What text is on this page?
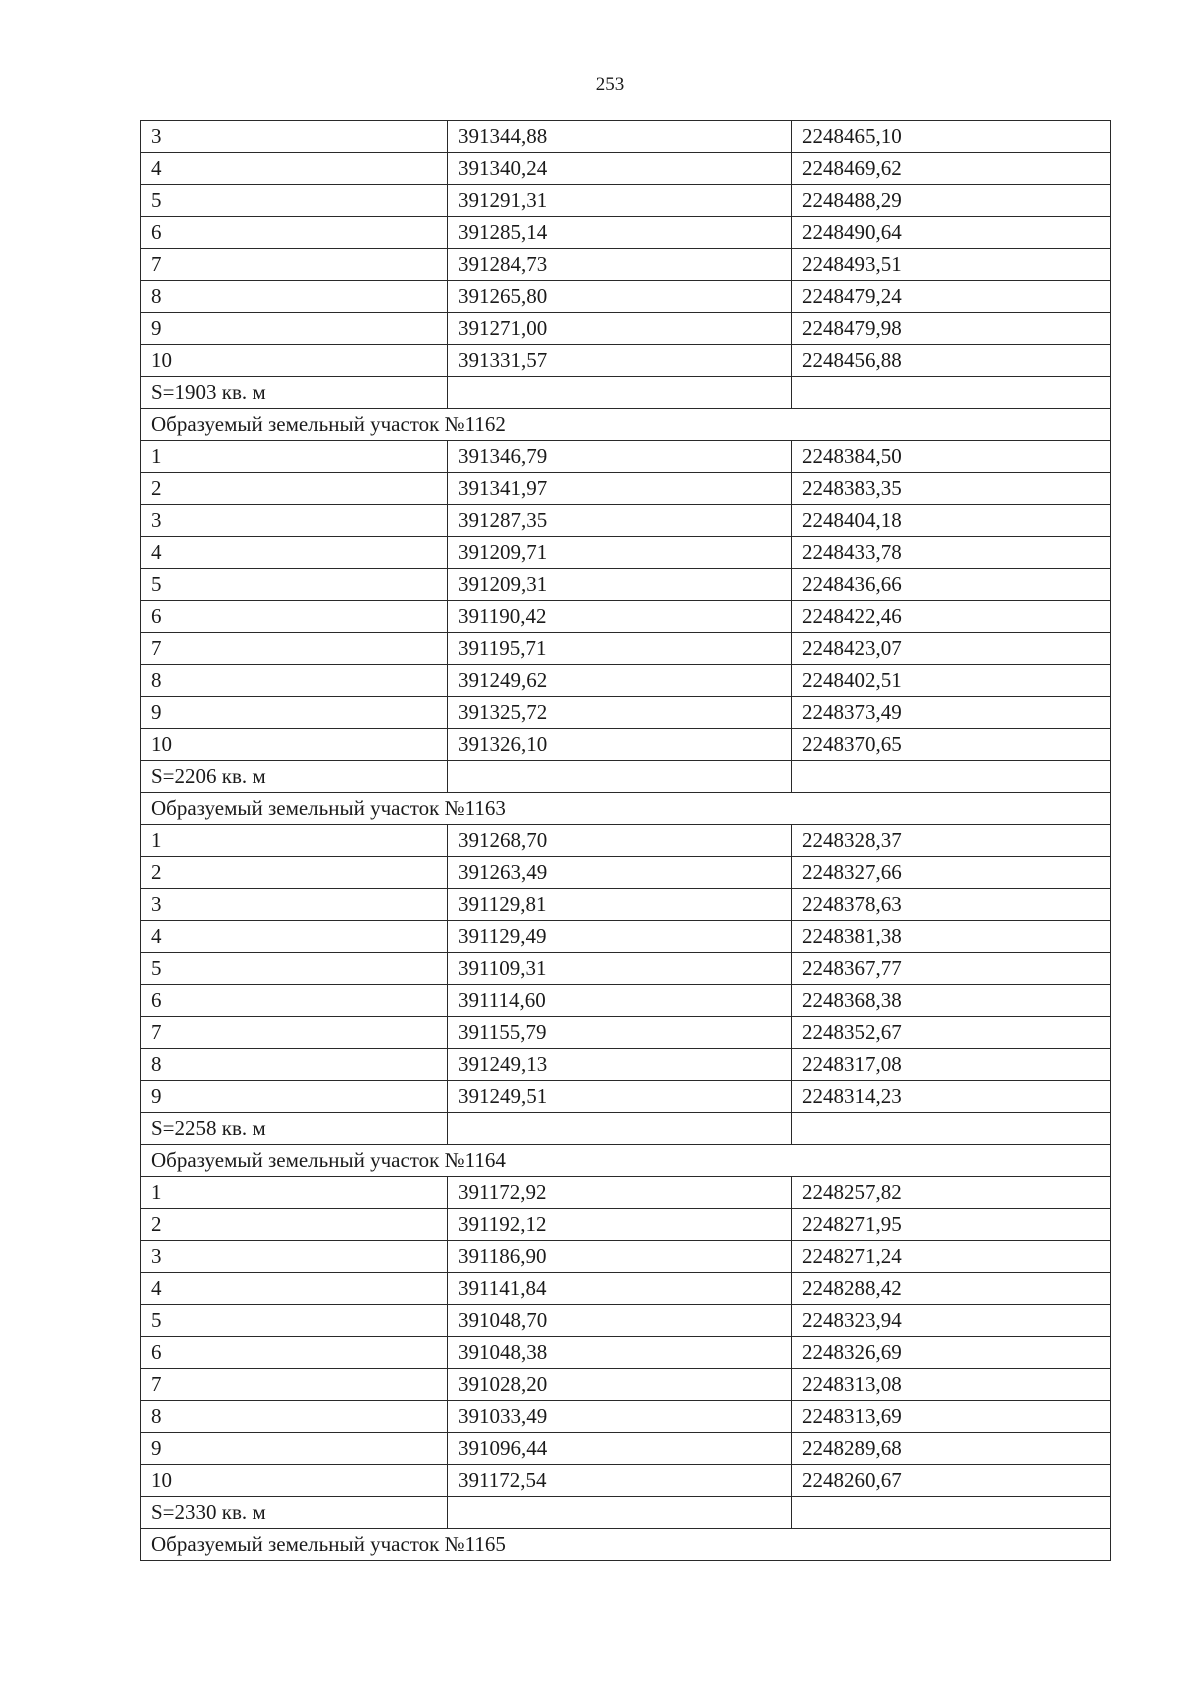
253
3	391344,88	2248465,10
4	391340,24	2248469,62
5	391291,31	2248488,29
6	391285,14	2248490,64
7	391284,73	2248493,51
8	391265,80	2248479,24
9	391271,00	2248479,98
10	391331,57	2248456,88
S=1903 кв. м		
Образуемый земельный участок №1162		
1	391346,79	2248384,50
2	391341,97	2248383,35
3	391287,35	2248404,18
4	391209,71	2248433,78
5	391209,31	2248436,66
6	391190,42	2248422,46
7	391195,71	2248423,07
8	391249,62	2248402,51
9	391325,72	2248373,49
10	391326,10	2248370,65
S=2206 кв. м		
Образуемый земельный участок №1163		
1	391268,70	2248328,37
2	391263,49	2248327,66
3	391129,81	2248378,63
4	391129,49	2248381,38
5	391109,31	2248367,77
6	391114,60	2248368,38
7	391155,79	2248352,67
8	391249,13	2248317,08
9	391249,51	2248314,23
S=2258 кв. м		
Образуемый земельный участок №1164		
1	391172,92	2248257,82
2	391192,12	2248271,95
3	391186,90	2248271,24
4	391141,84	2248288,42
5	391048,70	2248323,94
6	391048,38	2248326,69
7	391028,20	2248313,08
8	391033,49	2248313,69
9	391096,44	2248289,68
10	391172,54	2248260,67
S=2330 кв. м		
Образуемый земельный участок №1165		
